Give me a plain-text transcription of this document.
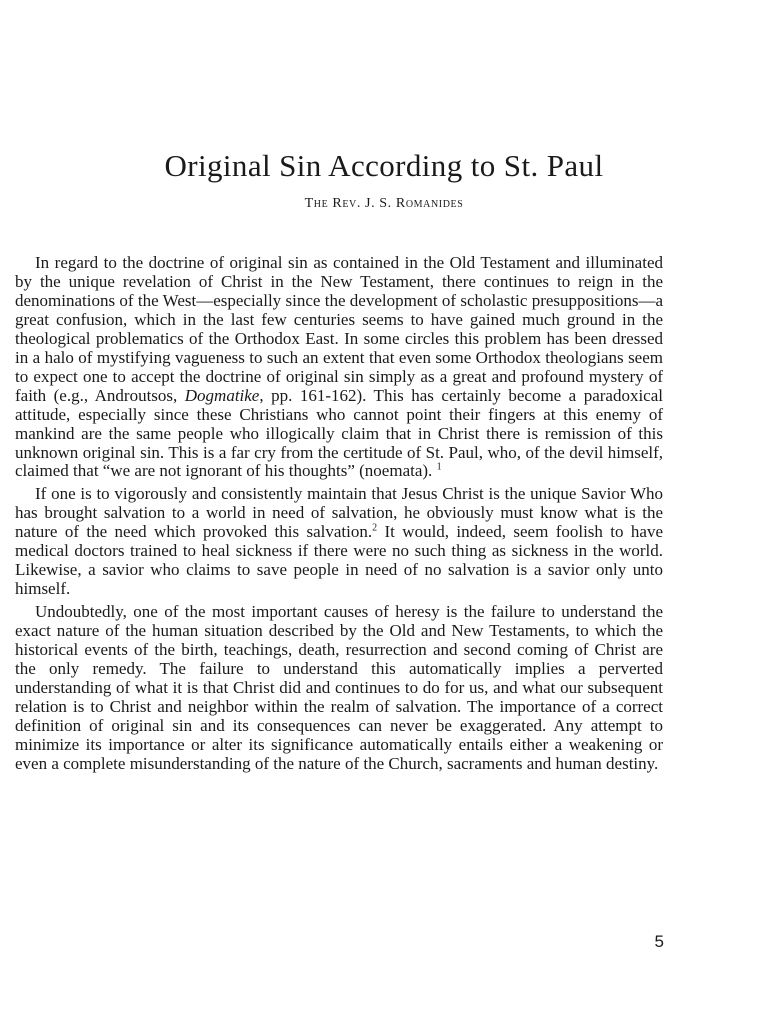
Original Sin According to St. Paul
The Rev. J. S. Romanides

In regard to the doctrine of original sin as contained in the Old Testament and illuminated by the unique revelation of Christ in the New Testament, there continues to reign in the denominations of the West—especially since the development of scholastic presuppositions—a great confusion, which in the last few centuries seems to have gained much ground in the theological problematics of the Orthodox East. In some circles this problem has been dressed in a halo of mystifying vagueness to such an extent that even some Orthodox theologians seem to expect one to accept the doctrine of original sin simply as a great and profound mystery of faith (e.g., Androutsos, Dogmatike, pp. 161-162). This has certainly become a paradoxical attitude, especially since these Christians who cannot point their fingers at this enemy of mankind are the same people who illogically claim that in Christ there is remission of this unknown original sin. This is a far cry from the certitude of St. Paul, who, of the devil himself, claimed that “we are not ignorant of his thoughts” (noemata). $^1$

If one is to vigorously and consistently maintain that Jesus Christ is the unique Savior Who has brought salvation to a world in need of salvation, he obviously must know what is the nature of the need which provoked this salvation.$^2$ It would, indeed, seem foolish to have medical doctors trained to heal sickness if there were no such thing as sickness in the world. Likewise, a savior who claims to save people in need of no salvation is a savior only unto himself.

Undoubtedly, one of the most important causes of heresy is the failure to understand the exact nature of the human situation described by the Old and New Testaments, to which the historical events of the birth, teachings, death, resurrection and second coming of Christ are the only remedy. The failure to understand this automatically implies a perverted understanding of what it is that Christ did and continues to do for us, and what our subsequent relation is to Christ and neighbor within the realm of salvation. The importance of a correct definition of original sin and its consequences can never be exaggerated. Any attempt to minimize its importance or alter its significance automatically entails either a weakening or even a complete misunderstanding of the nature of the Church, sacraments and human destiny.

5
